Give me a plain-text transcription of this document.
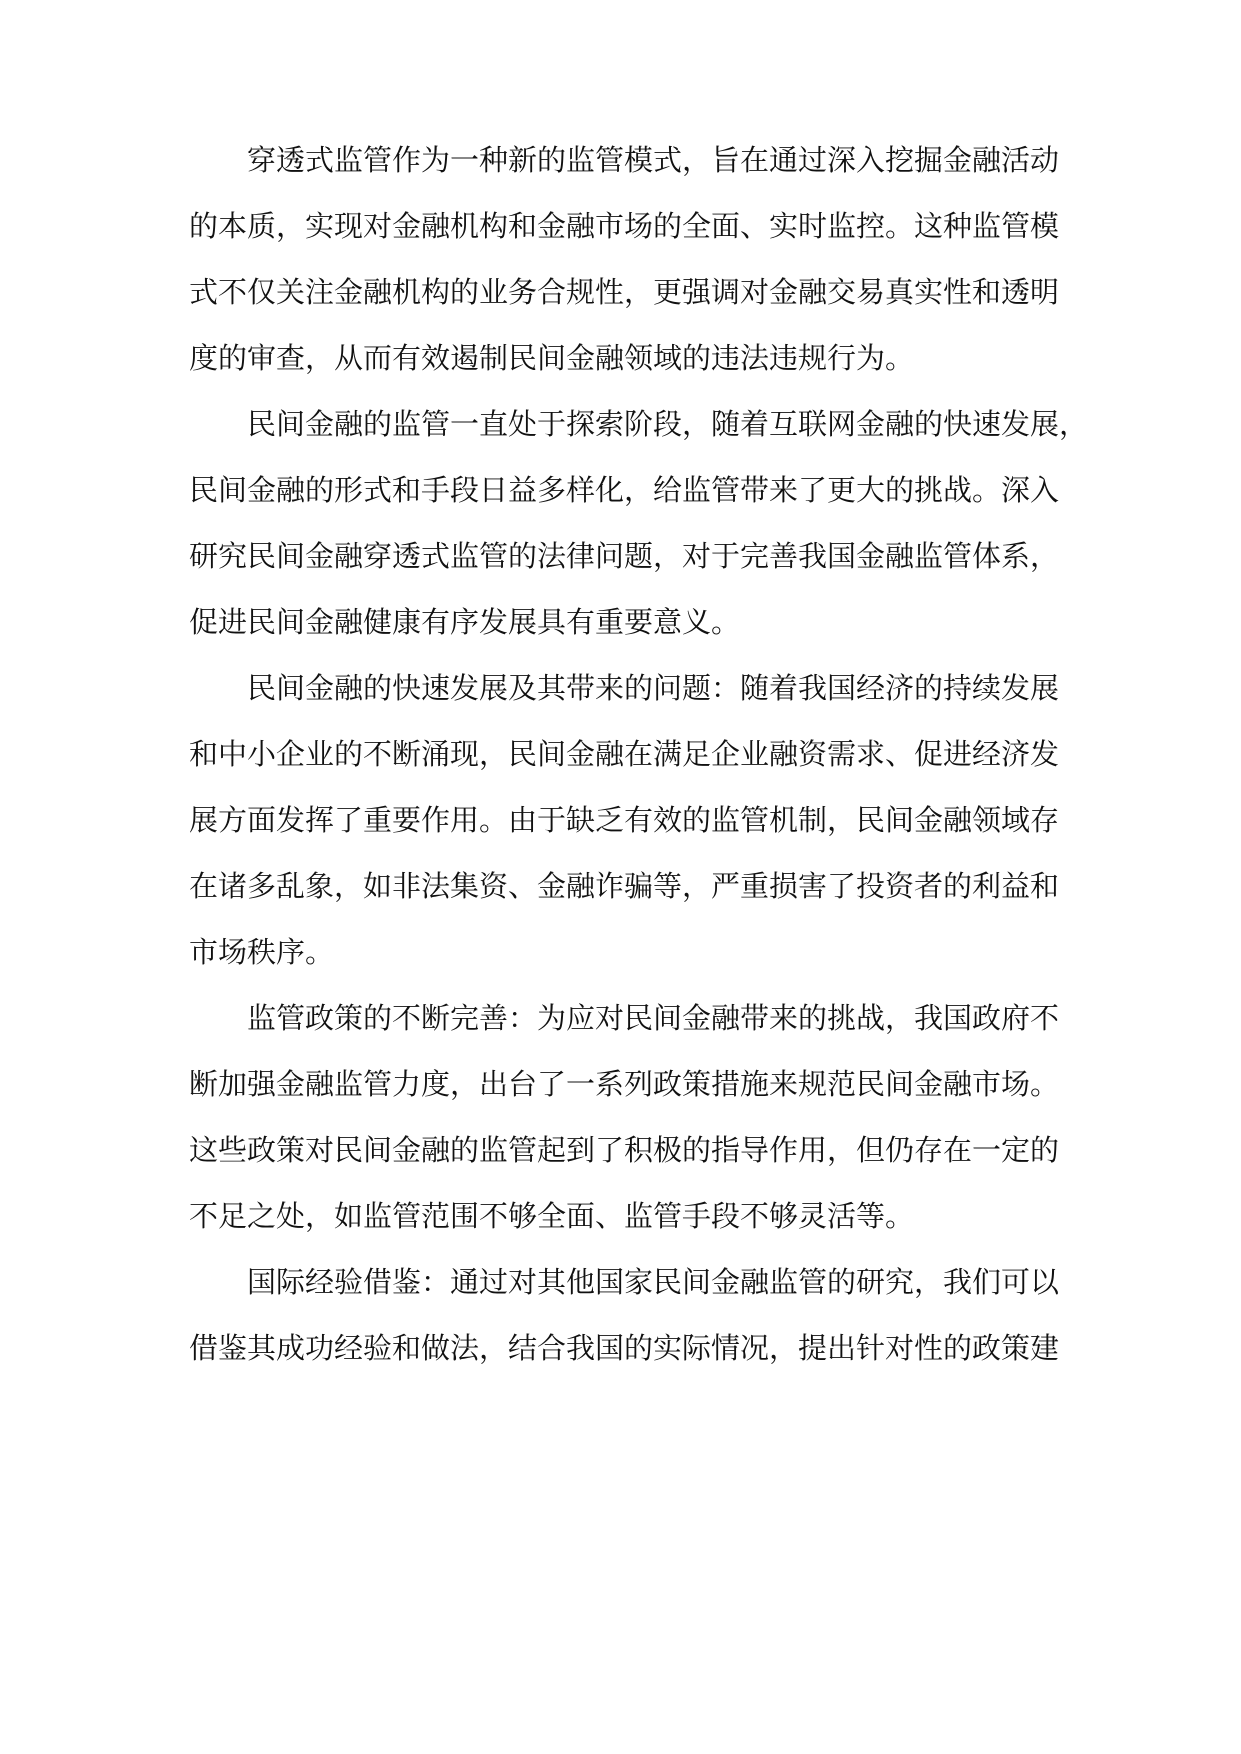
穿透式监管作为一种新的监管模式，旨在通过深入挖掘金融活动
的本质，实现对金融机构和金融市场的全面、实时监控。这种监管模
式不仅关注金融机构的业务合规性，更强调对金融交易真实性和透明
度的审查，从而有效遏制民间金融领域的违法违规行为。
民间金融的监管一直处于探索阶段，随着互联网金融的快速发展，
民间金融的形式和手段日益多样化，给监管带来了更大的挑战。深入
研究民间金融穿透式监管的法律问题，对于完善我国金融监管体系，
促进民间金融健康有序发展具有重要意义。
民间金融的快速发展及其带来的问题：随着我国经济的持续发展
和中小企业的不断涌现，民间金融在满足企业融资需求、促进经济发
展方面发挥了重要作用。由于缺乏有效的监管机制，民间金融领域存
在诸多乱象，如非法集资、金融诈骗等，严重损害了投资者的利益和
市场秩序。
监管政策的不断完善：为应对民间金融带来的挑战，我国政府不
断加强金融监管力度，出台了一系列政策措施来规范民间金融市场。
这些政策对民间金融的监管起到了积极的指导作用，但仍存在一定的
不足之处，如监管范围不够全面、监管手段不够灵活等。
国际经验借鉴：通过对其他国家民间金融监管的研究，我们可以
借鉴其成功经验和做法，结合我国的实际情况，提出针对性的政策建
